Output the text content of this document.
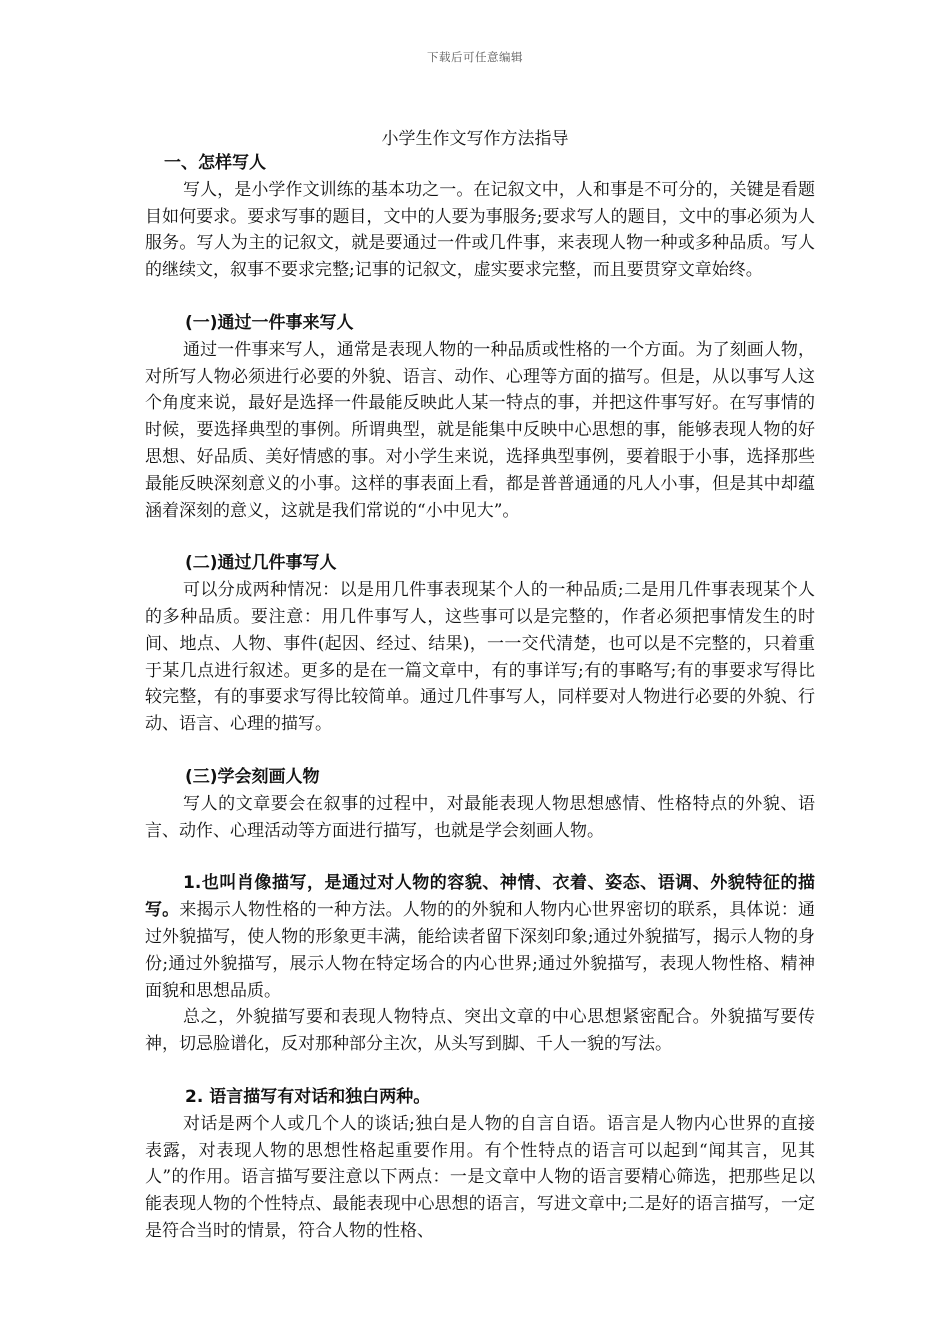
下载后可任意编辑
小学生作文写作方法指导

一、怎样写人

写人，是小学作文训练的基本功之一。在记叙文中，人和事是不可分的，关键是看题目如何要求。要求写事的题目，文中的人要为事服务;要求写人的题目，文中的事必须为人服务。写人为主的记叙文，就是要通过一件或几件事，来表现人物一种或多种品质。写人的继续文，叙事不要求完整;记事的记叙文，虚实要求完整，而且要贯穿文章始终。

(一)通过一件事来写人

通过一件事来写人，通常是表现人物的一种品质或性格的一个方面。为了刻画人物，对所写人物必须进行必要的外貌、语言、动作、心理等方面的描写。但是，从以事写人这个角度来说，最好是选择一件最能反映此人某一特点的事，并把这件事写好。在写事情的时候，要选择典型的事例。所谓典型，就是能集中反映中心思想的事，能够表现人物的好思想、好品质、美好情感的事。对小学生来说，选择典型事例，要着眼于小事，选择那些最能反映深刻意义的小事。这样的事表面上看，都是普普通通的凡人小事，但是其中却蕴涵着深刻的意义，这就是我们常说的“小中见大”。

(二)通过几件事写人

可以分成两种情况：以是用几件事表现某个人的一种品质;二是用几件事表现某个人的多种品质。要注意：用几件事写人，这些事可以是完整的，作者必须把事情发生的时间、地点、人物、事件(起因、经过、结果)，一一交代清楚，也可以是不完整的，只着重于某几点进行叙述。更多的是在一篇文章中，有的事详写;有的事略写;有的事要求写得比较完整，有的事要求写得比较简单。通过几件事写人，同样要对人物进行必要的外貌、行动、语言、心理的描写。

(三)学会刻画人物

写人的文章要会在叙事的过程中，对最能表现人物思想感情、性格特点的外貌、语言、动作、心理活动等方面进行描写，也就是学会刻画人物。

1.也叫肖像描写，是通过对人物的容貌、神情、衣着、姿态、语调、外貌特征的描写。来揭示人物性格的一种方法。人物的的外貌和人物内心世界密切的联系，具体说：通过外貌描写，使人物的形象更丰满，能给读者留下深刻印象;通过外貌描写，揭示人物的身份;通过外貌描写，展示人物在特定场合的内心世界;通过外貌描写，表现人物性格、精神面貌和思想品质。

总之，外貌描写要和表现人物特点、突出文章的中心思想紧密配合。外貌描写要传神，切忌脸谱化，反对那种部分主次，从头写到脚、千人一貌的写法。

2. 语言描写有对话和独白两种。

对话是两个人或几个人的谈话;独白是人物的自言自语。语言是人物内心世界的直接表露，对表现人物的思想性格起重要作用。有个性特点的语言可以起到“闻其言，见其人”的作用。语言描写要注意以下两点：一是文章中人物的语言要精心筛选，把那些足以能表现人物的个性特点、最能表现中心思想的语言，写进文章中;二是好的语言描写，一定是符合当时的情景，符合人物的性格、
